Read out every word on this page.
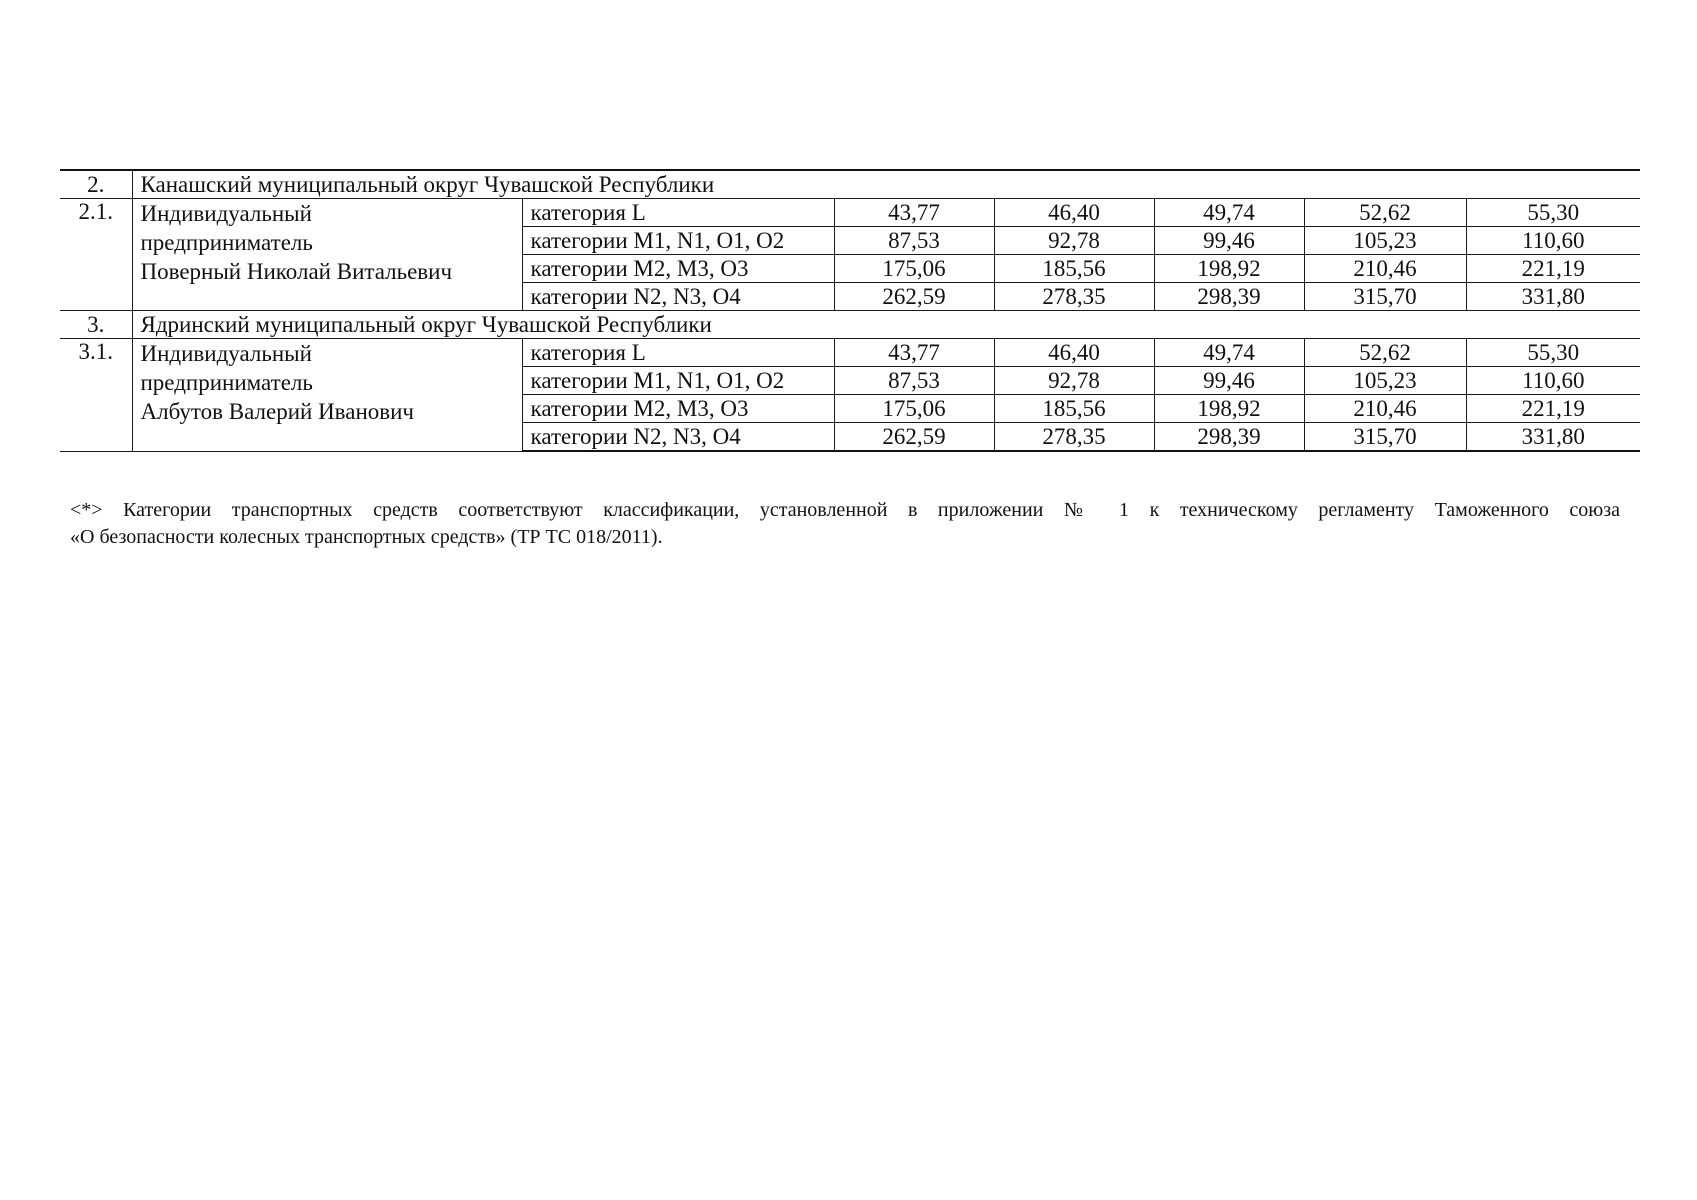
2.	Канашский муниципальный округ Чувашской Республики						
2.1.	Индивидуальный
предприниматель
Поверный Николай Витальевич	категория L	43,77	46,40	49,74	52,62	55,30
		категории M1, N1, O1, O2	87,53	92,78	99,46	105,23	110,60
		категории M2, M3, O3	175,06	185,56	198,92	210,46	221,19
		категории N2, N3, O4	262,59	278,35	298,39	315,70	331,80
3.	Ядринский муниципальный округ Чувашской Республики						
3.1.	Индивидуальный
предприниматель
Албутов Валерий Иванович	категория L	43,77	46,40	49,74	52,62	55,30
		категории M1, N1, O1, O2	87,53	92,78	99,46	105,23	110,60
		категории M2, M3, O3	175,06	185,56	198,92	210,46	221,19
		категории N2, N3, O4	262,59	278,35	298,39	315,70	331,80
<*> Категории транспортных средств соответствуют классификации, установленной в приложении № 1 к техническому регламенту Таможенного союза
«О безопасности колесных транспортных средств» (ТР ТС 018/2011).
